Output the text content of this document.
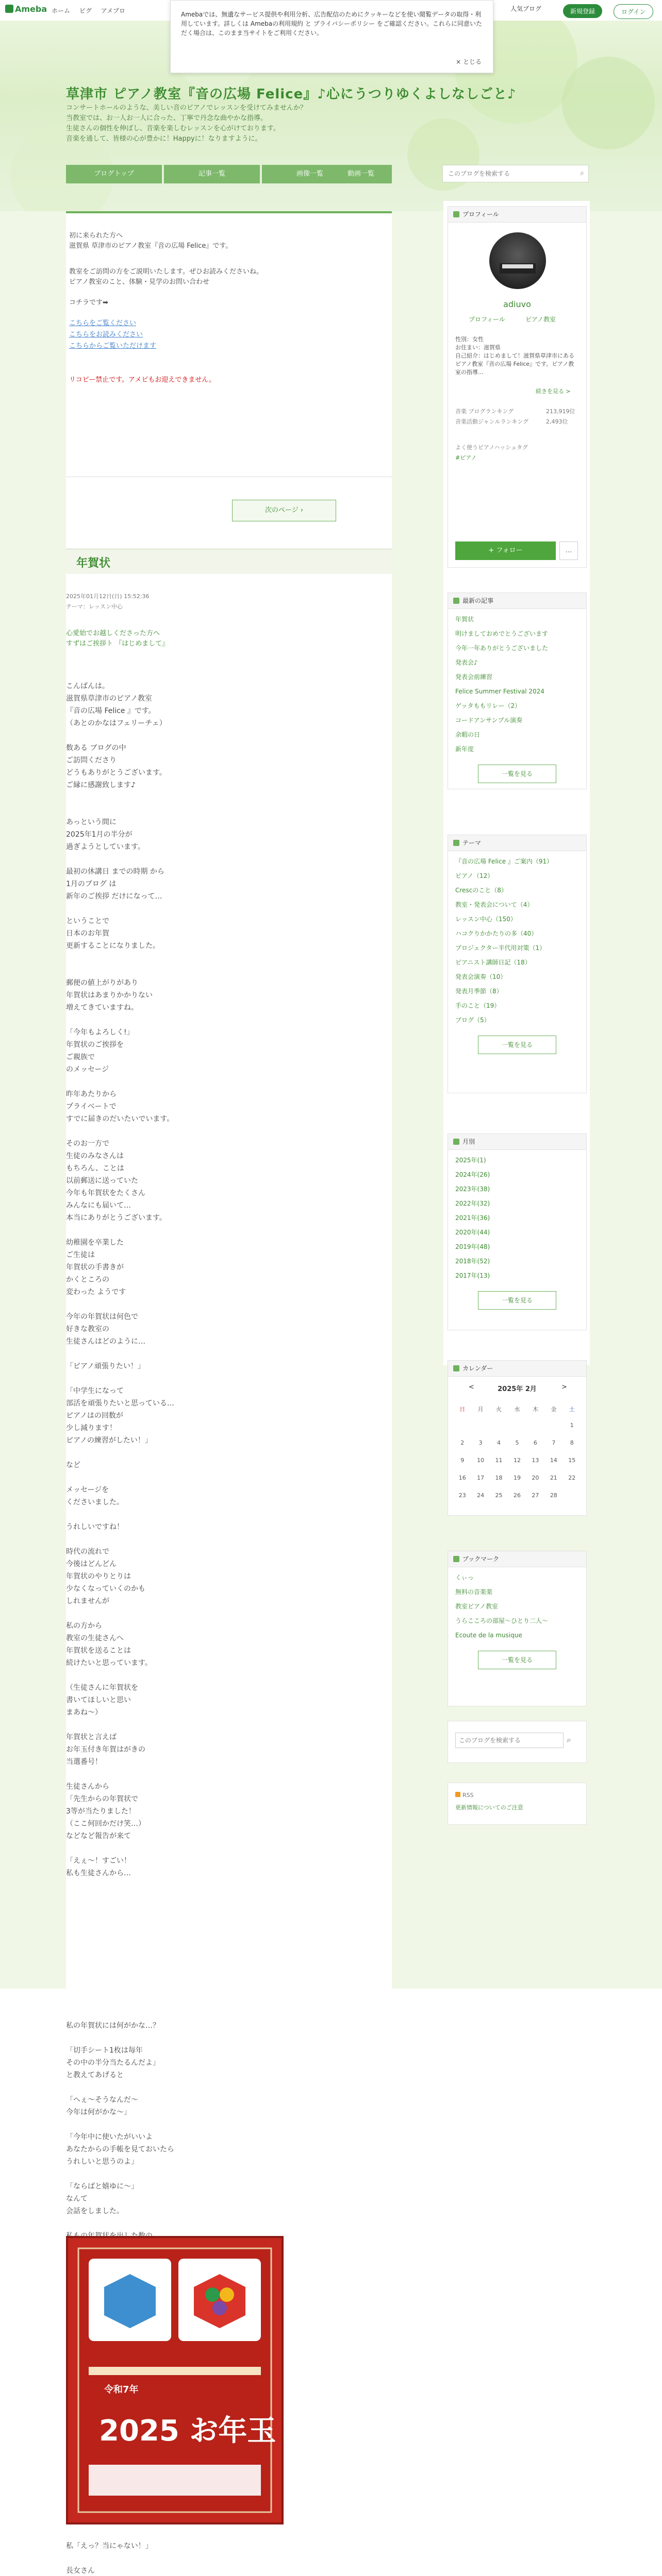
Ameba ホーム ピグ アメブロ	人気ブログ	新規登録	ログイン
草津市 ピアノ教室『音の広場 Felice』♪心にうつりゆくよしなしごと♪
コンサートホールのような、美しい音のピアノでレッスンを受けてみませんか？
当教室では、お一人お一人に合った、丁寧で丹念な曲やかな指導。
生徒さんの個性を伸ばし、音楽を楽しむレッスンを心がけております。
音楽を通して、皆様の心が豊かに！Happyに！なりますように。
ブログトップ	記事一覧	画像一覧	動画一覧
このブログを検索する	⌕
初に来られた方へ
滋賀県 草津市のピアノ教室『音の広場 Felice』です。
教室をご訪問の方をご説明いたします。ぜひお読みくださいね。
ピアノ教室のこと、体験・見学のお問い合わせ
コチラです➡
こちらをご覧ください
こちらをお読みください
こちらからご覧いただけます
リコピー禁止です。アメピもお迎えできません。
次のページ ›
年賀状
2025年01月12日(日) 15:52:36
テーマ：レッスン中心
心愛始でお越しくださった方へ
すずはご挨拶ト 『はじめまして』
こんばんは。
滋賀県草津市のピアノ教室
『音の広場 Felice 』です。
（あとのかなはフェリーチェ）

数ある ブログの中
ご訪問くださり
どうもありがとうございます。
ご縁に感謝致します♪

あっという間に
2025年1月の半分が
過ぎようとしています。

最初の休講日 までの時期 から
1月のブログ は
新年のご挨拶 だけになって…

ということで
日本のお年賀
更新することになりました。

郵便の値上がりがあり
年賀状はあまりかかりない
増えてきていますね。

「今年もよろしく!」
年賀状のご挨拶を
ご親族で
のメッセージ

昨年あたりから
プライベートで
すでに届きのだいたいでいます。

そのお一方で
生徒のみなさんは
もちろん、ことは
以前郵送に送っていた
今年も年賀状をたくさん
みんなにも届いて…
本当にありがとうございます。

幼稚園を卒業した
ご生徒は
年賀状の手書きが
かくところの
変わった ようです

今年の年賀状は何色で
好きな教室の
生徒さんはどのように…

「ピアノ頑張りたい！」

「中学生になって
部活を頑張りたいと思っている…
ピアノはの回数が
少し減ります！
ピアノの練習がしたい！」

など

メッセージを
くださいました。

うれしいですね！

時代の流れで
今後はどんどん
年賀状のやりとりは
少なくなっていくのかも
しれませんが

私の方から
教室の生徒さんへ
年賀状を送ることは
続けたいと思っています。

（生徒さんに年賀状を
書いてほしいと思い
まあね〜）

年賀状と言えば
お年玉付き年賀はがきの
当選番号！

生徒さんから
「先生からの年賀状で
3等が当たりました！
（ここ何回かだけ笑…）
などなど報告が来て

「えぇ〜！すごい！
私も生徒さんから…
私の年賀状には何がかな…？

「切手シート1枚は毎年
その中の半分当たるんだよ」
と教えてあげると

「へぇ〜そうなんだ〜
今年は何がかな〜」

「今年中に使いたがいいよ
あなたからの手帳を見ておいたら
うれしいと思うのよ」

「ならばと嬉ゆに〜」
なんて
会話をしました。

令和7年
2025 お年玉
私「えっ？当にゃない！」

長女さん

プロフィール
adiuvo
プロフィール	ピアノ教室
性別：女性
お住まい：滋賀県
自己紹介：はじめまして！滋賀県草津市にあるピアノ教室『音の広場 Felice』です。ピアノ教室の指導...
続きを見る >
音楽 ブログランキング	213,919位
音楽活動ジャンルランキング	2,493位
よく使うピアノハッシュタグ
#ピアノ
+ フォロー	…
最新の記事
年賀状
明けましておめでとうございます
今年一年ありがとうございました
発表会♪
発表会前練習
Felice Summer Festival 2024
ゲッタももリレー（2）
コードアンサンブル演奏
余暇の日
新年度
一覧を見る
テーマ
『音の広場 Felice 』ご案内（91）
ピアノ（12）
Crescのこと（8）
教室・発表会について（4）
レッスン中心（150）
ハコクりかかたりの多（40）
プロジェクター半代用対策（1）
ピアニスト講師日記（18）
発表会演奏（10）
発表月季節（8）
手のこと（19）
ブログ（5）
一覧を見る
月別
2025年(1)
2024年(26)
2023年(38)
2022年(32)
2021年(36)
2020年(44)
2019年(48)
2018年(52)
2017年(13)
一覧を見る
カレンダー
<	2025年 2月	>
日	月	火	水	木	金	土
						1
2	3	4	5	6	7	8
9	10	11	12	13	14	15
16	17	18	19	20	21	22
23	24	25	26	27	28	
ブックマーク
くぃっ
無料の音楽楽
教室ピアノ教室
うらこころの部屋〜ひとり二人〜
Ecoute de la musique
一覧を見る
このブログを検索する
⌕
RSS
更新情報についてのご注意
Amebaでは、無遺なサービス提供や利用分析、広告配信のためにクッキーなどを使い閲覧データの取得・利用しています。詳しくは Amebaの利用規約 と プライバシーポリシー をご確認ください。これらに同意いただく場合は、このまま当サイトをご利用ください。
× とじる
